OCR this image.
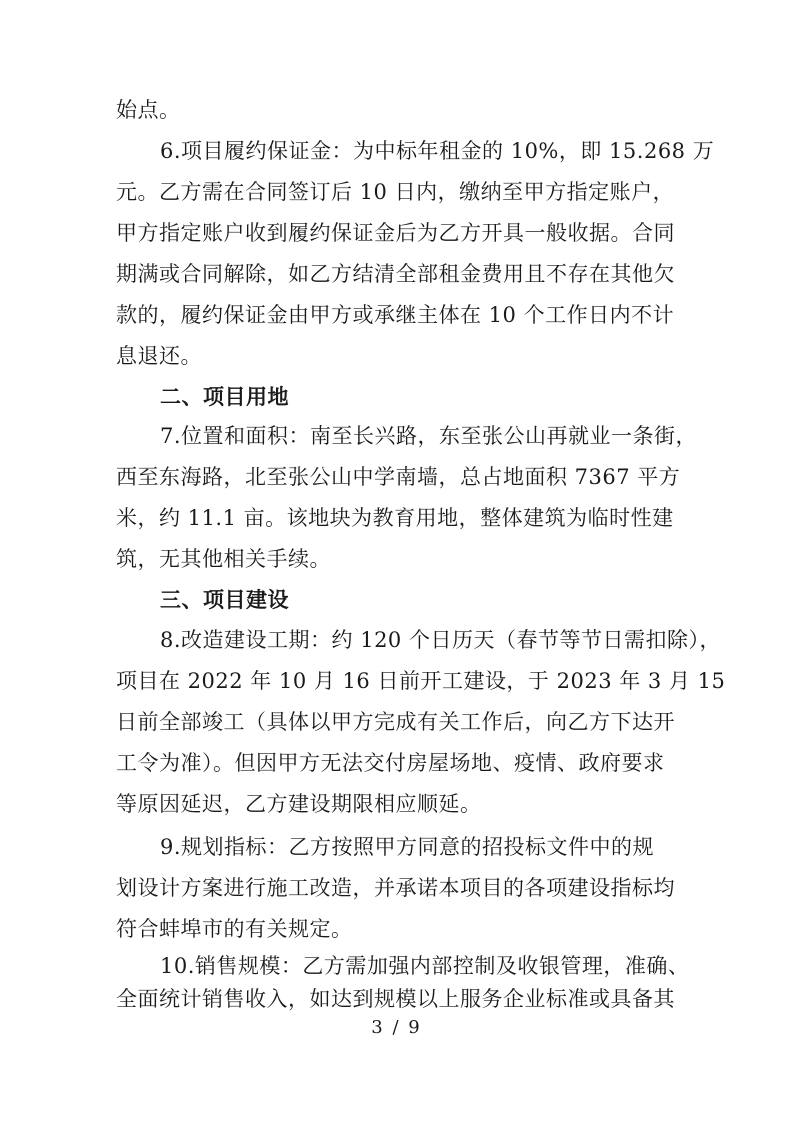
始点。
6.项目履约保证金：为中标年租金的 10%，即 15.268 万
元。乙方需在合同签订后 10 日内，缴纳至甲方指定账户，
甲方指定账户收到履约保证金后为乙方开具一般收据。合同
期满或合同解除，如乙方结清全部租金费用且不存在其他欠
款的，履约保证金由甲方或承继主体在 10 个工作日内不计
息退还。
二、项目用地
7.位置和面积：南至长兴路，东至张公山再就业一条街，
西至东海路，北至张公山中学南墙，总占地面积 7367 平方
米，约 11.1 亩。该地块为教育用地，整体建筑为临时性建
筑，无其他相关手续。
三、项目建设
8.改造建设工期：约 120 个日历天（春节等节日需扣除），
项目在 2022 年 10 月 16 日前开工建设，于 2023 年 3 月 15
日前全部竣工（具体以甲方完成有关工作后，向乙方下达开
工令为准）。但因甲方无法交付房屋场地、疫情、政府要求
等原因延迟，乙方建设期限相应顺延。
9.规划指标：乙方按照甲方同意的招投标文件中的规
划设计方案进行施工改造，并承诺本项目的各项建设指标均
符合蚌埠市的有关规定。
10.销售规模：乙方需加强内部控制及收银管理，准确、
全面统计销售收入，如达到规模以上服务企业标准或具备其
3 / 9
